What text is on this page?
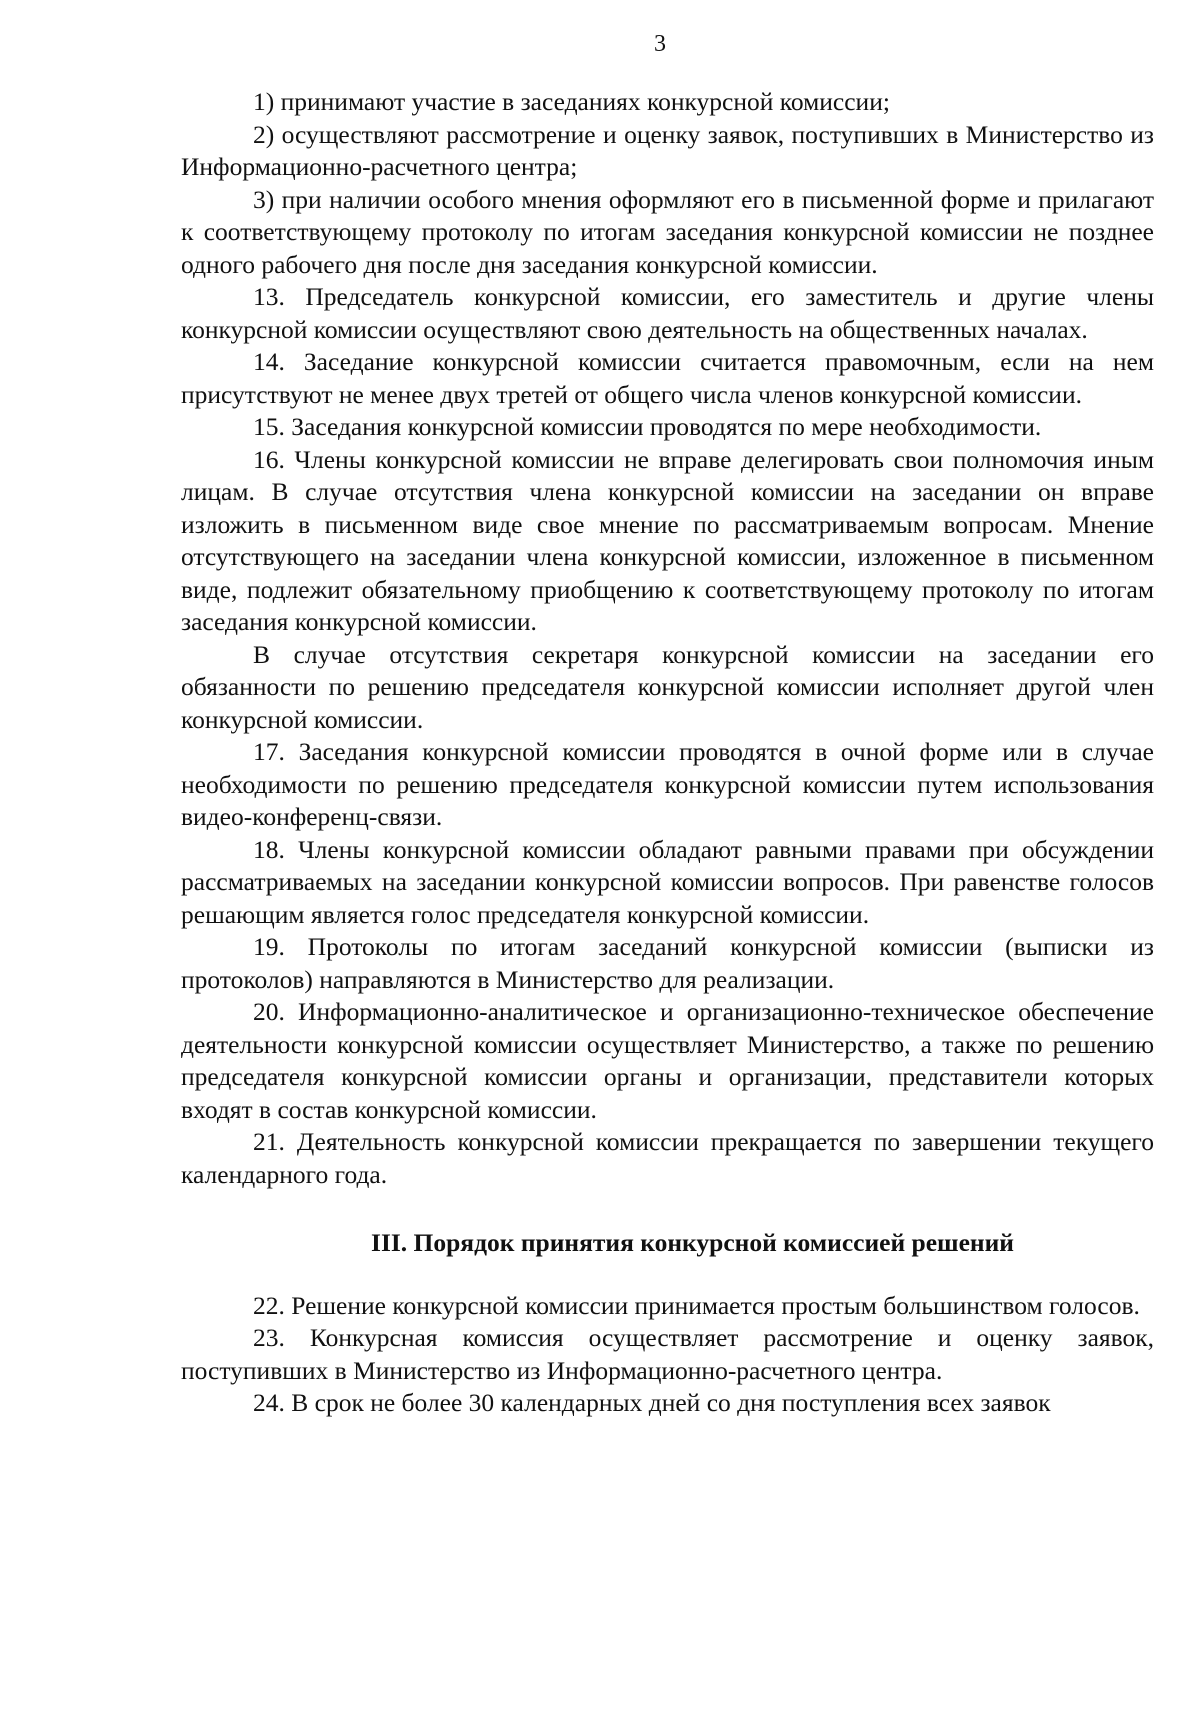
3

1) принимают участие в заседаниях конкурсной комиссии;

2) осуществляют рассмотрение и оценку заявок, поступивших в Министерство из Информационно-расчетного центра;

3) при наличии особого мнения оформляют его в письменной форме и прилагают к соответствующему протоколу по итогам заседания конкурсной комиссии не позднее одного рабочего дня после дня заседания конкурсной комиссии.

13. Председатель конкурсной комиссии, его заместитель и другие члены конкурсной комиссии осуществляют свою деятельность на общественных началах.

14. Заседание конкурсной комиссии считается правомочным, если на нем присутствуют не менее двух третей от общего числа членов конкурсной комиссии.

15. Заседания конкурсной комиссии проводятся по мере необходимости.

16. Члены конкурсной комиссии не вправе делегировать свои полномочия иным лицам. В случае отсутствия члена конкурсной комиссии на заседании он вправе изложить в письменном виде свое мнение по рассматриваемым вопросам. Мнение отсутствующего на заседании члена конкурсной комиссии, изложенное в письменном виде, подлежит обязательному приобщению к соответствующему протоколу по итогам заседания конкурсной комиссии.

В случае отсутствия секретаря конкурсной комиссии на заседании его обязанности по решению председателя конкурсной комиссии исполняет другой член конкурсной комиссии.

17. Заседания конкурсной комиссии проводятся в очной форме или в случае необходимости по решению председателя конкурсной комиссии путем использования видео-конференц-связи.

18. Члены конкурсной комиссии обладают равными правами при обсуждении рассматриваемых на заседании конкурсной комиссии вопросов. При равенстве голосов решающим является голос председателя конкурсной комиссии.

19. Протоколы по итогам заседаний конкурсной комиссии (выписки из протоколов) направляются в Министерство для реализации.

20. Информационно-аналитическое и организационно-техническое обеспечение деятельности конкурсной комиссии осуществляет Министерство, а также по решению председателя конкурсной комиссии органы и организации, представители которых входят в состав конкурсной комиссии.

21. Деятельность конкурсной комиссии прекращается по завершении текущего календарного года.

III. Порядок принятия конкурсной комиссией решений

22. Решение конкурсной комиссии принимается простым большинством голосов.

23. Конкурсная комиссия осуществляет рассмотрение и оценку заявок, поступивших в Министерство из Информационно-расчетного центра.

24. В срок не более 30 календарных дней со дня поступления всех заявок
